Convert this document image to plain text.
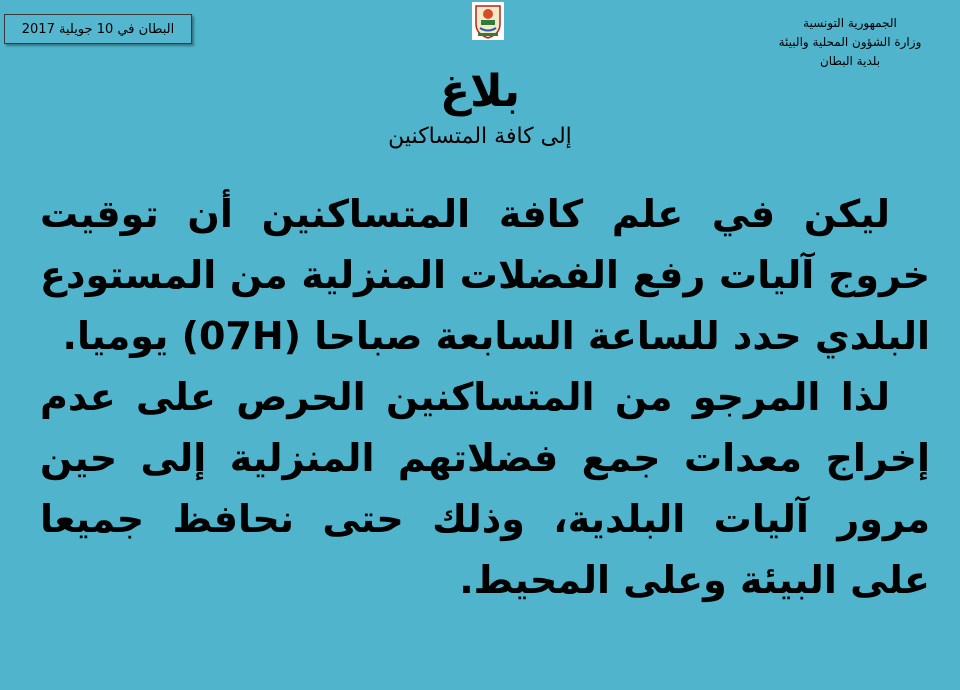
البطان في 10 جويلية 2017	الجمهورية التونسية
وزارة الشؤون المحلية والبيئة
بلدية البطان
بلاغ
إلى كافة المتساكنين

ليكن في علم كافة المتساكنين أن توقيت خروج آليات رفع الفضلات المنزلية من المستودع البلدي حدد للساعة السابعة صباحا (07H) يوميا.

لذا المرجو من المتساكنين الحرص على عدم إخراج معدات جمع فضلاتهم المنزلية إلى حين مرور آليات البلدية، وذلك حتى نحافظ جميعا على البيئة وعلى المحيط.
